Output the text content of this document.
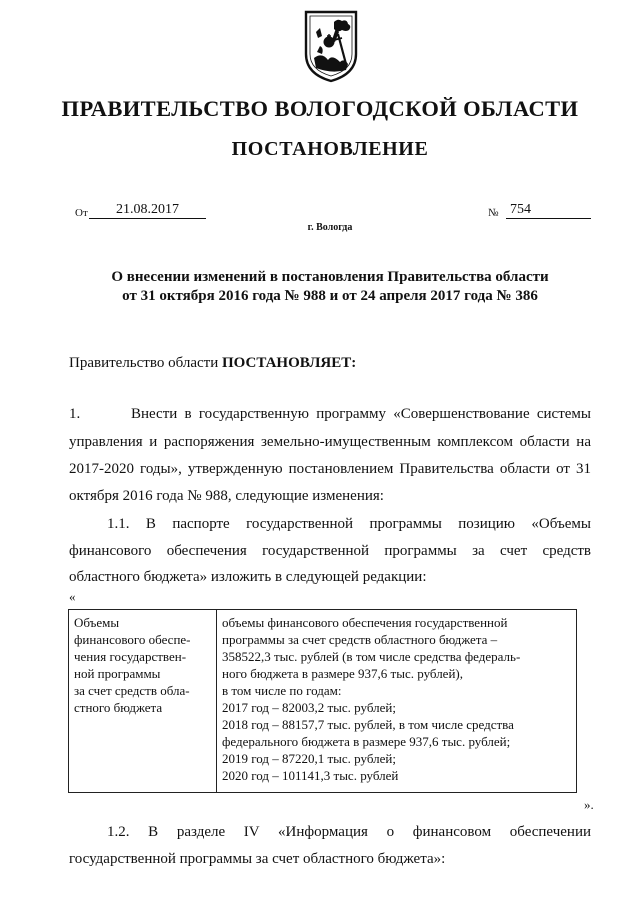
ПРАВИТЕЛЬСТВО ВОЛОГОДСКОЙ ОБЛАСТИ
ПОСТАНОВЛЕНИЕ
От	21.08.2017	№ 754
г. Вологда
О внесении изменений в постановления Правительства области
от 31 октября 2016 года № 988 и от 24 апреля 2017 года № 386

Правительство области ПОСТАНОВЛЯЕТ:

1.       Внести в государственную программу «Совершенствование системы

управления и распоряжения земельно-имущественным комплексом области на

2017-2020 годы», утвержденную постановлением Правительства области от 31

октября 2016 года № 988, следующие изменения:

1.1.   В   паспорте   государственной   программы   позицию   «Объемы

финансового   обеспечения   государственной   программы   за   счет   средств

областного бюджета» изложить в следующей редакции:

«
Объемы
финансового обеспе-
чения государствен-
ной программы
за счет средств обла-
стного бюджета

объемы финансового обеспечения государственной
программы за счет средств областного бюджета –
358522,3 тыс. рублей (в том числе средства федераль-
ного бюджета в размере 937,6 тыс. рублей),
в том числе по годам:
2017 год – 82003,2 тыс. рублей;
2018 год – 88157,7 тыс. рублей, в том числе средства
федерального бюджета в размере 937,6 тыс. рублей;
2019 год – 87220,1 тыс. рублей;
2020 год – 101141,3 тыс. рублей
».

1.2.   В   разделе   IV   «Информация   о   финансовом   обеспечении

государственной программы за счет областного бюджета»:
